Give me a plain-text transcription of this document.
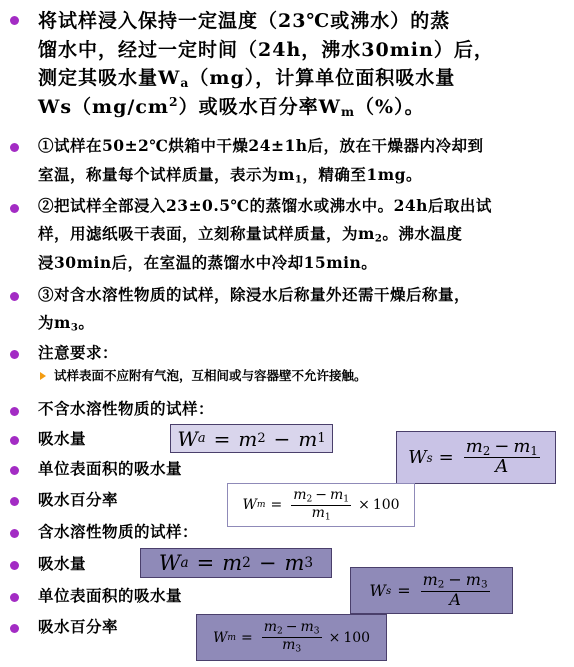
将试样浸入保持一定温度（23℃或沸水）的蒸
馏水中，经过一定时间（24h，沸水30min）后，
测定其吸水量$W_a(mg)$，计算单位面积吸水量
$Ws(mg/cm^2)$或吸水百分率$W_m(\%)$。
①试样在50±2℃烘箱中干燥24±1h后，放在干燥器内冷却到
室温，称量每个试样质量，表示为$m_1$，精确至1mg。
②把试样全部浸入23±0.5℃的蒸馏水或沸水中。24h后取出试
样，用滤纸吸干表面，立刻称量试样质量，为$m_2$。沸水温度
浸30min后，在室温的蒸馏水中冷却15min。
③对含水溶性物质的试样，除浸水后称量外还需干燥后称量，
为$m_3$。
注意要求：
试样表面不应附有气泡，互相间或与容器壁不允许接触。
不含水溶性物质的试样：
吸水量
单位表面积的吸水量
吸水百分率
含水溶性物质的试样：
吸水量
单位表面积的吸水量
吸水百分率
W a = m 2 − m 1
W $s = \frac{m_2 - m_1}{A}$
W $m = \frac{m_2 - m_1}{m_1} \times 100$
W a = m 2 − m 3
W $s = \frac{m_2 - m_3}{A}$
W $m = \frac{m_2 - m_3}{m_3} \times 100$
